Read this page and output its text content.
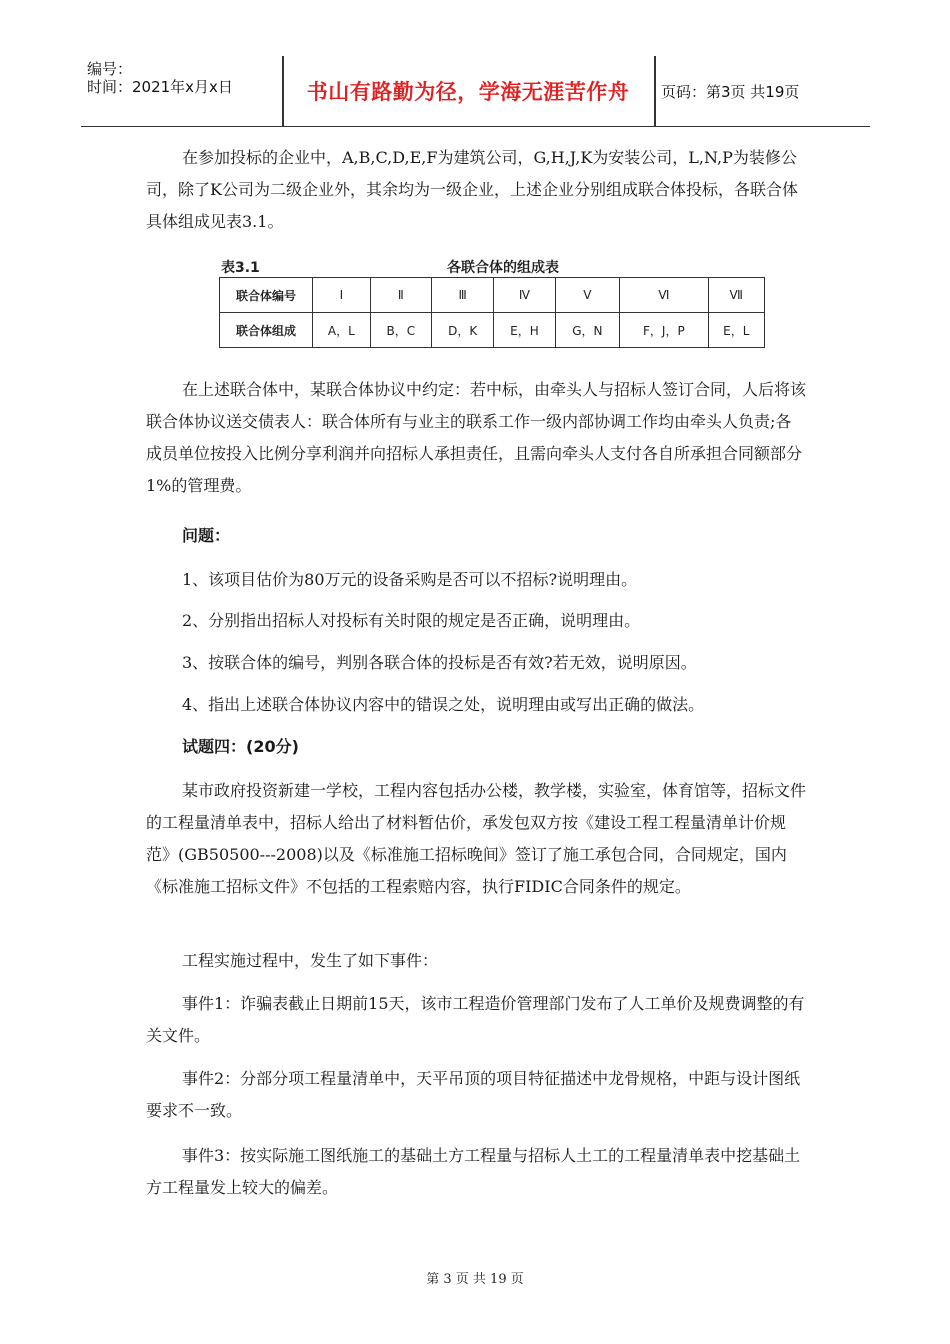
编号：
时间：2021年x月x日	书山有路勤为径，学海无涯苦作舟	页码：第3页 共19页
在参加投标的企业中，A,B,C,D,E,F为建筑公司，G,H,J,K为安装公司，L,N,P为装修公司，除了K公司为二级企业外，其余均为一级企业，上述企业分别组成联合体投标，各联合体具体组成见表3.1。
表3.1	各联合体的组成表
联合体编号	I	Ⅱ	Ⅲ	Ⅳ	Ⅴ	Ⅵ	Ⅶ
联合体组成	A，L	B，C	D，K	E，H	G，N	F，J，P	E，L
在上述联合体中，某联合体协议中约定：若中标，由牵头人与招标人签订合同，人后将该联合体协议送交债表人：联合体所有与业主的联系工作一级内部协调工作均由牵头人负责;各成员单位按投入比例分享利润并向招标人承担责任，且需向牵头人支付各自所承担合同额部分1%的管理费。
问题：
1、该项目估价为80万元的设备采购是否可以不招标?说明理由。
2、分别指出招标人对投标有关时限的规定是否正确，说明理由。
3、按联合体的编号，判别各联合体的投标是否有效?若无效，说明原因。
4、指出上述联合体协议内容中的错误之处，说明理由或写出正确的做法。
试题四：(20分)
某市政府投资新建一学校，工程内容包括办公楼，教学楼，实验室，体育馆等，招标文件的工程量清单表中，招标人给出了材料暂估价，承发包双方按《建设工程工程量清单计价规范》(GB50500---2008)以及《标准施工招标晚间》签订了施工承包合同，合同规定，国内《标准施工招标文件》不包括的工程索赔内容，执行FIDIC合同条件的规定。
工程实施过程中，发生了如下事件：
事件1：诈骗表截止日期前15天，该市工程造价管理部门发布了人工单价及规费调整的有关文件。
事件2：分部分项工程量清单中，天平吊顶的项目特征描述中龙骨规格，中距与设计图纸要求不一致。
事件3：按实际施工图纸施工的基础土方工程量与招标人土工的工程量清单表中挖基础土方工程量发上较大的偏差。
第 3 页 共 19 页
